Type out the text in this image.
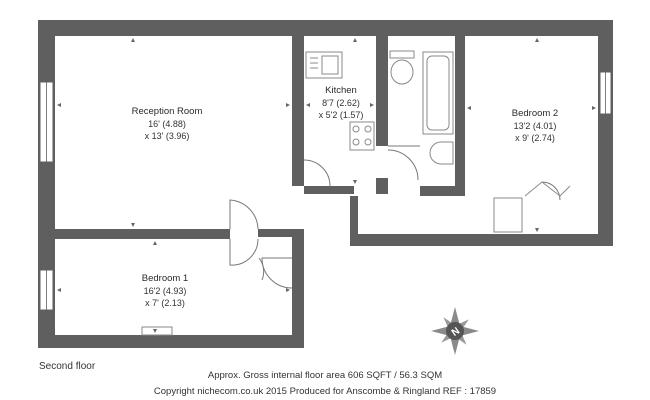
N
Reception Room
16' (4.88)
x 13' (3.96)
Kitchen
8'7 (2.62)
x 5'2 (1.57)	Bedroom 2
13'2 (4.01)
x 9' (2.74)
Bedroom 1
16'2 (4.93)
x 7' (2.13)
Second floor
Approx. Gross internal floor area 606 SQFT / 56.3 SQM
Copyright nichecom.co.uk 2015 Produced for Anscombe & Ringland REF : 17859
